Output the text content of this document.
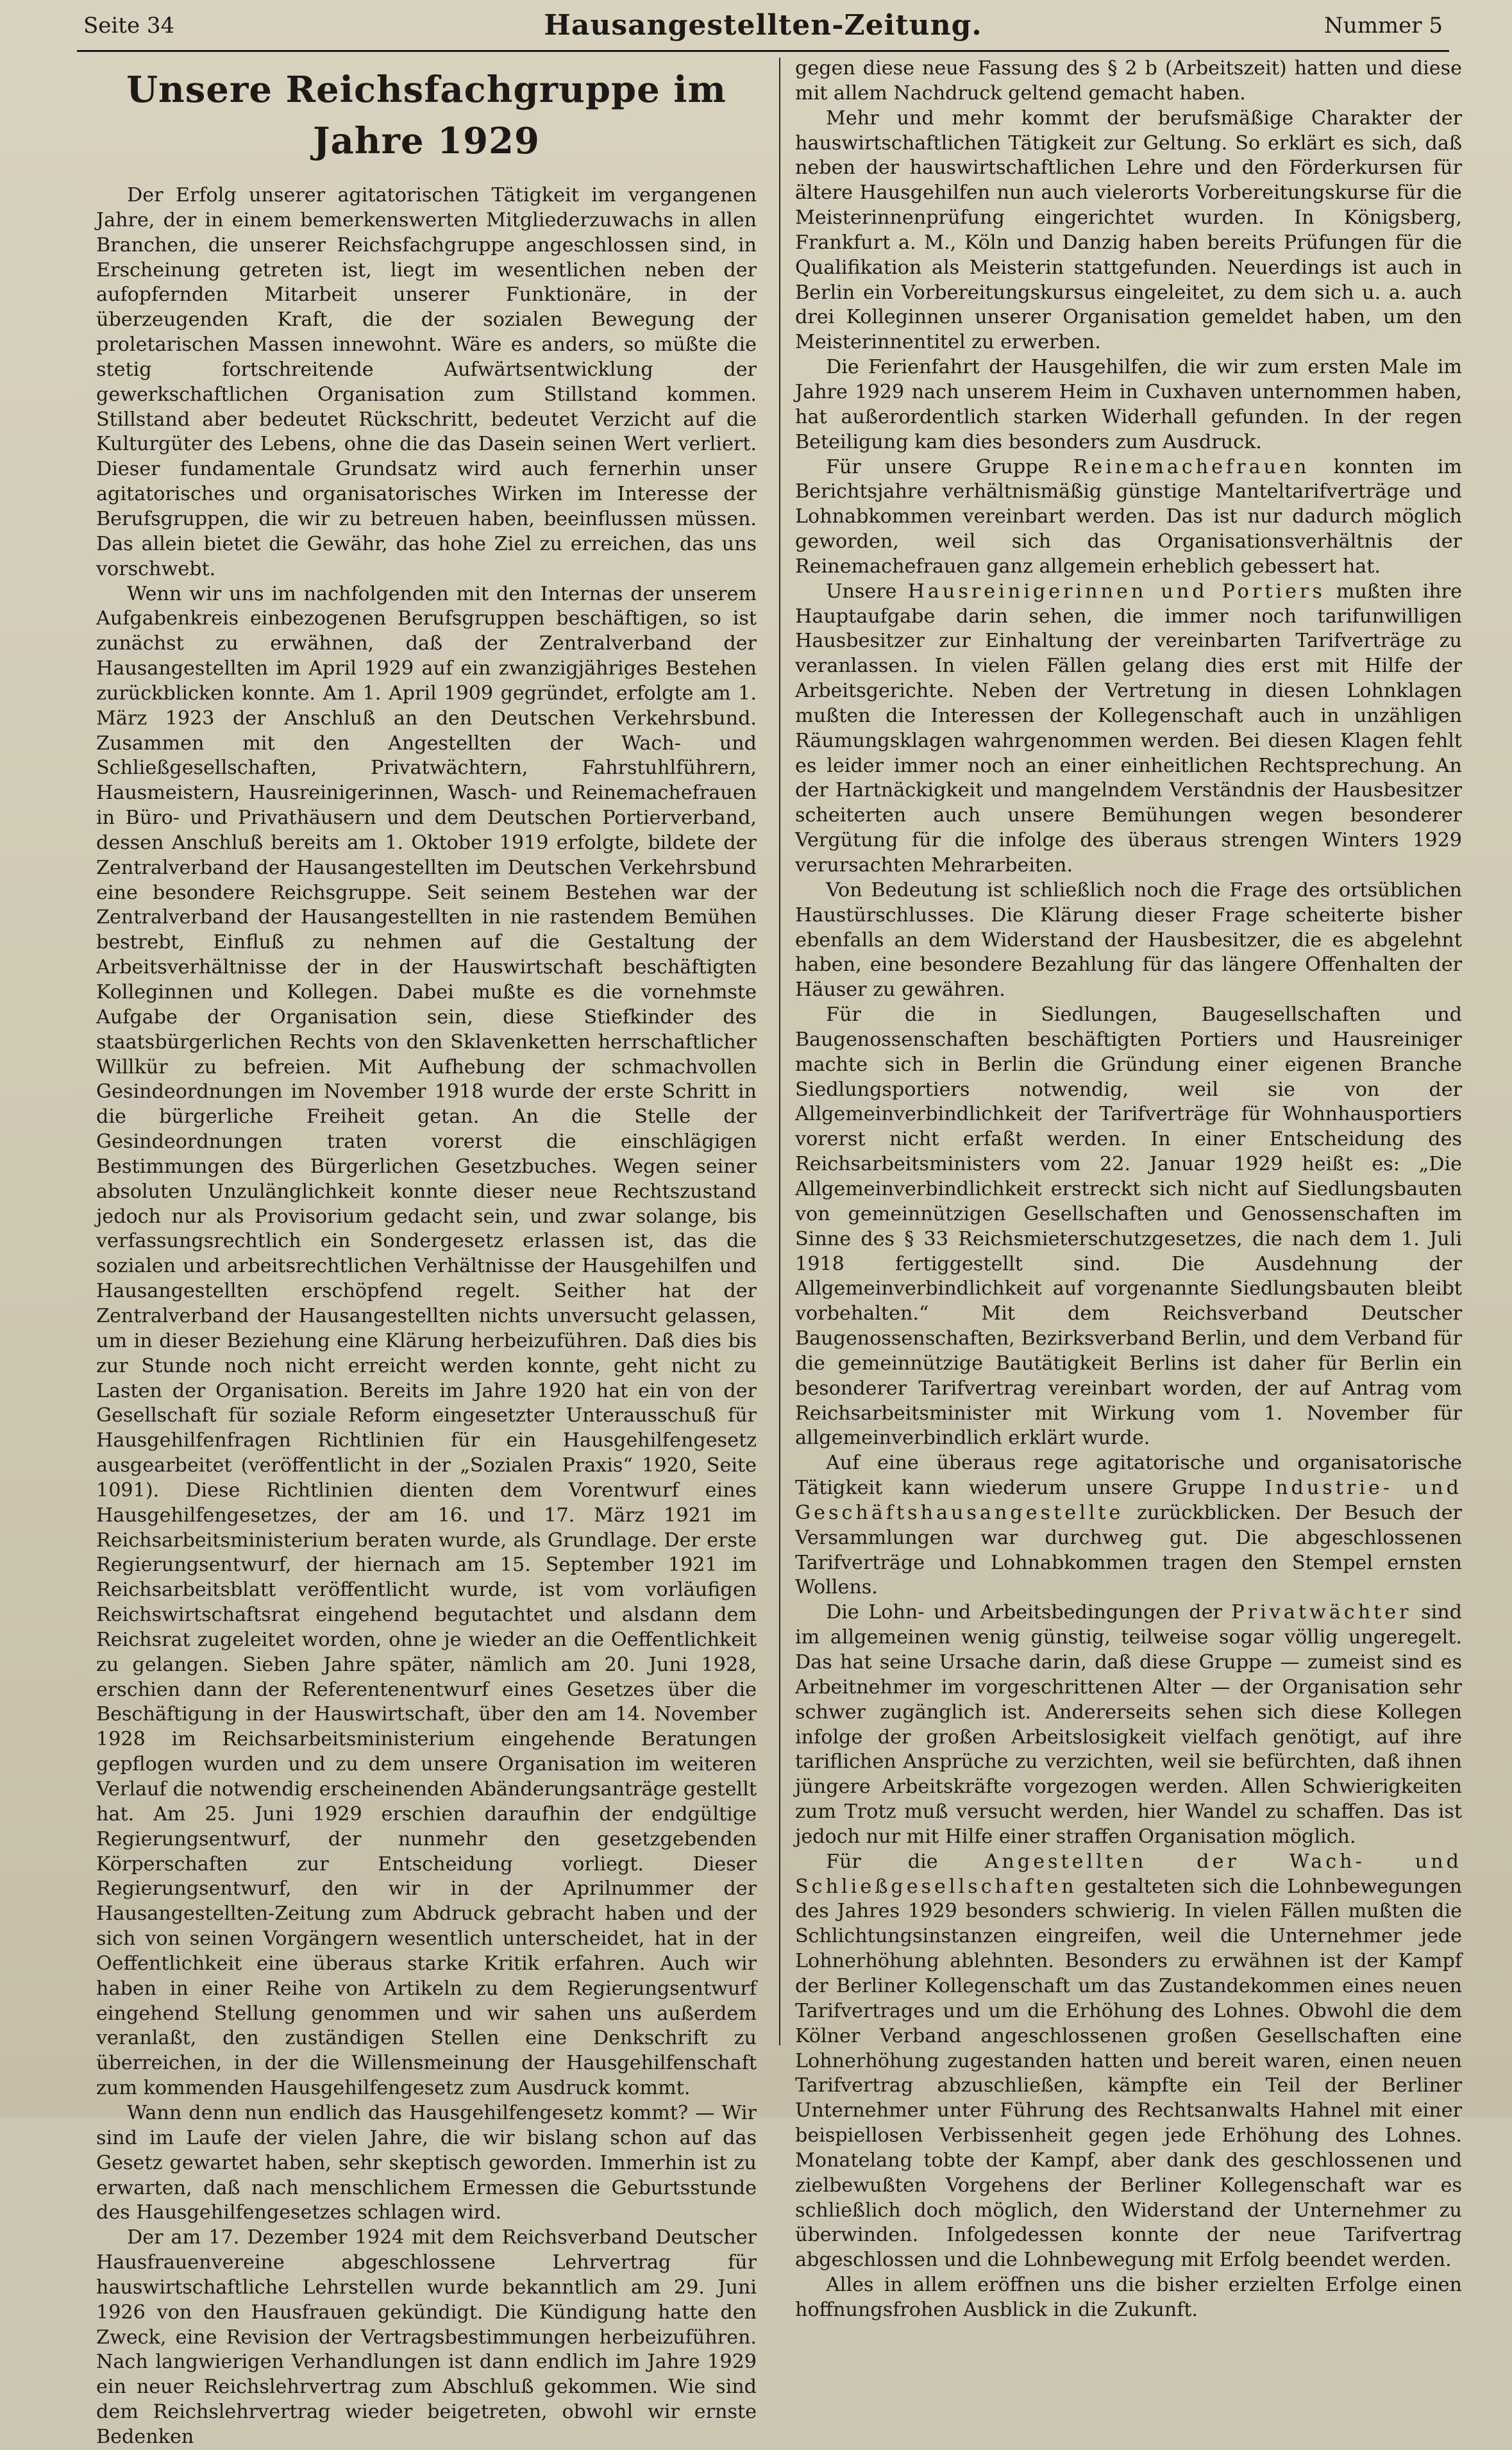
Seite 34	Hausangestellten-Zeitung.	Nummer 5
Unsere Reichsfachgruppe im Jahre 1929

Der Erfolg unserer agitatorischen Tätigkeit im vergangenen Jahre, der in einem bemerkenswerten Mitgliederzuwachs in allen Branchen, die unserer Reichsfachgruppe angeschlossen sind, in Erscheinung getreten ist, liegt im wesentlichen neben der aufopfernden Mitarbeit unserer Funktionäre, in der überzeugenden Kraft, die der sozialen Bewegung der proletarischen Massen innewohnt. Wäre es anders, so müßte die stetig fortschreitende Aufwärtsentwicklung der gewerkschaftlichen Organisation zum Stillstand kommen. Stillstand aber bedeutet Rückschritt, bedeutet Verzicht auf die Kulturgüter des Lebens, ohne die das Dasein seinen Wert verliert. Dieser fundamentale Grundsatz wird auch fernerhin unser agitatorisches und organisatorisches Wirken im Interesse der Berufsgruppen, die wir zu betreuen haben, beeinflussen müssen. Das allein bietet die Gewähr, das hohe Ziel zu erreichen, das uns vorschwebt.

Wenn wir uns im nachfolgenden mit den Internas der unserem Aufgabenkreis einbezogenen Berufsgruppen beschäftigen, so ist zunächst zu erwähnen, daß der Zentralverband der Hausangestellten im April 1929 auf ein zwanzigjähriges Bestehen zurückblicken konnte. Am 1. April 1909 gegründet, erfolgte am 1. März 1923 der Anschluß an den Deutschen Verkehrsbund. Zusammen mit den Angestellten der Wach- und Schließgesellschaften, Privatwächtern, Fahrstuhlführern, Hausmeistern, Hausreinigerinnen, Wasch- und Reinemachefrauen in Büro- und Privathäusern und dem Deutschen Portierverband, dessen Anschluß bereits am 1. Oktober 1919 erfolgte, bildete der Zentralverband der Hausangestellten im Deutschen Verkehrsbund eine besondere Reichsgruppe. Seit seinem Bestehen war der Zentralverband der Hausangestellten in nie rastendem Bemühen bestrebt, Einfluß zu nehmen auf die Gestaltung der Arbeitsverhältnisse der in der Hauswirtschaft beschäftigten Kolleginnen und Kollegen. Dabei mußte es die vornehmste Aufgabe der Organisation sein, diese Stiefkinder des staatsbürgerlichen Rechts von den Sklavenketten herrschaftlicher Willkür zu befreien. Mit Aufhebung der schmachvollen Gesindeordnungen im November 1918 wurde der erste Schritt in die bürgerliche Freiheit getan. An die Stelle der Gesindeordnungen traten vorerst die einschlägigen Bestimmungen des Bürgerlichen Gesetzbuches. Wegen seiner absoluten Unzulänglichkeit konnte dieser neue Rechtszustand jedoch nur als Provisorium gedacht sein, und zwar solange, bis verfassungsrechtlich ein Sondergesetz erlassen ist, das die sozialen und arbeitsrechtlichen Verhältnisse der Hausgehilfen und Hausangestellten erschöpfend regelt. Seither hat der Zentralverband der Hausangestellten nichts unversucht gelassen, um in dieser Beziehung eine Klärung herbeizuführen. Daß dies bis zur Stunde noch nicht erreicht werden konnte, geht nicht zu Lasten der Organisation. Bereits im Jahre 1920 hat ein von der Gesellschaft für soziale Reform eingesetzter Unterausschuß für Hausgehilfenfragen Richtlinien für ein Hausgehilfengesetz ausgearbeitet (veröffentlicht in der „Sozialen Praxis“ 1920, Seite 1091). Diese Richtlinien dienten dem Vorentwurf eines Hausgehilfengesetzes, der am 16. und 17. März 1921 im Reichsarbeitsministerium beraten wurde, als Grundlage. Der erste Regierungsentwurf, der hiernach am 15. September 1921 im Reichsarbeitsblatt veröffentlicht wurde, ist vom vorläufigen Reichswirtschaftsrat eingehend begutachtet und alsdann dem Reichsrat zugeleitet worden, ohne je wieder an die Oeffentlichkeit zu gelangen. Sieben Jahre später, nämlich am 20. Juni 1928, erschien dann der Referentenentwurf eines Gesetzes über die Beschäftigung in der Hauswirtschaft, über den am 14. November 1928 im Reichsarbeitsministerium eingehende Beratungen gepflogen wurden und zu dem unsere Organisation im weiteren Verlauf die notwendig erscheinenden Abänderungsanträge gestellt hat. Am 25. Juni 1929 erschien daraufhin der endgültige Regierungsentwurf, der nunmehr den gesetzgebenden Körperschaften zur Entscheidung vorliegt. Dieser Regierungsentwurf, den wir in der Aprilnummer der Hausangestellten-Zeitung zum Abdruck gebracht haben und der sich von seinen Vorgängern wesentlich unterscheidet, hat in der Oeffentlichkeit eine überaus starke Kritik erfahren. Auch wir haben in einer Reihe von Artikeln zu dem Regierungsentwurf eingehend Stellung genommen und wir sahen uns außerdem veranlaßt, den zuständigen Stellen eine Denkschrift zu überreichen, in der die Willensmeinung der Hausgehilfenschaft zum kommenden Hausgehilfengesetz zum Ausdruck kommt.

Wann denn nun endlich das Hausgehilfengesetz kommt? — Wir sind im Laufe der vielen Jahre, die wir bislang schon auf das Gesetz gewartet haben, sehr skeptisch geworden. Immerhin ist zu erwarten, daß nach menschlichem Ermessen die Geburtsstunde des Hausgehilfengesetzes schlagen wird.

Der am 17. Dezember 1924 mit dem Reichsverband Deutscher Hausfrauenvereine abgeschlossene Lehrvertrag für hauswirtschaftliche Lehrstellen wurde bekanntlich am 29. Juni 1926 von den Hausfrauen gekündigt. Die Kündigung hatte den Zweck, eine Revision der Vertragsbestimmungen herbeizuführen. Nach langwierigen Verhandlungen ist dann endlich im Jahre 1929 ein neuer Reichslehrvertrag zum Abschluß gekommen. Wie sind dem Reichslehrvertrag wieder beigetreten, obwohl wir ernste Bedenken

gegen diese neue Fassung des § 2 b (Arbeitszeit) hatten und diese mit allem Nachdruck geltend gemacht haben.

Mehr und mehr kommt der berufsmäßige Charakter der hauswirtschaftlichen Tätigkeit zur Geltung. So erklärt es sich, daß neben der hauswirtschaftlichen Lehre und den Förderkursen für ältere Hausgehilfen nun auch vielerorts Vorbereitungskurse für die Meisterinnenprüfung eingerichtet wurden. In Königsberg, Frankfurt a. M., Köln und Danzig haben bereits Prüfungen für die Qualifikation als Meisterin stattgefunden. Neuerdings ist auch in Berlin ein Vorbereitungskursus eingeleitet, zu dem sich u. a. auch drei Kolleginnen unserer Organisation gemeldet haben, um den Meisterinnentitel zu erwerben.

Die Ferienfahrt der Hausgehilfen, die wir zum ersten Male im Jahre 1929 nach unserem Heim in Cuxhaven unternommen haben, hat außerordentlich starken Widerhall gefunden. In der regen Beteiligung kam dies besonders zum Ausdruck.

Für unsere Gruppe Reinemachefrauen konnten im Berichtsjahre verhältnismäßig günstige Manteltarifverträge und Lohnabkommen vereinbart werden. Das ist nur dadurch möglich geworden, weil sich das Organisationsverhältnis der Reinemachefrauen ganz allgemein erheblich gebessert hat.

Unsere Hausreinigerinnen und Portiers mußten ihre Hauptaufgabe darin sehen, die immer noch tarifunwilligen Hausbesitzer zur Einhaltung der vereinbarten Tarifverträge zu veranlassen. In vielen Fällen gelang dies erst mit Hilfe der Arbeitsgerichte. Neben der Vertretung in diesen Lohnklagen mußten die Interessen der Kollegenschaft auch in unzähligen Räumungsklagen wahrgenommen werden. Bei diesen Klagen fehlt es leider immer noch an einer einheitlichen Rechtsprechung. An der Hartnäckigkeit und mangelndem Verständnis der Hausbesitzer scheiterten auch unsere Bemühungen wegen besonderer Vergütung für die infolge des überaus strengen Winters 1929 verursachten Mehrarbeiten.

Von Bedeutung ist schließlich noch die Frage des ortsüblichen Haustürschlusses. Die Klärung dieser Frage scheiterte bisher ebenfalls an dem Widerstand der Hausbesitzer, die es abgelehnt haben, eine besondere Bezahlung für das längere Offenhalten der Häuser zu gewähren.

Für die in Siedlungen, Baugesellschaften und Baugenossenschaften beschäftigten Portiers und Hausreiniger machte sich in Berlin die Gründung einer eigenen Branche Siedlungsportiers notwendig, weil sie von der Allgemeinverbindlichkeit der Tarifverträge für Wohnhausportiers vorerst nicht erfaßt werden. In einer Entscheidung des Reichsarbeitsministers vom 22. Januar 1929 heißt es: „Die Allgemeinverbindlichkeit erstreckt sich nicht auf Siedlungsbauten von gemeinnützigen Gesellschaften und Genossenschaften im Sinne des § 33 Reichsmieterschutzgesetzes, die nach dem 1. Juli 1918 fertiggestellt sind. Die Ausdehnung der Allgemeinverbindlichkeit auf vorgenannte Siedlungsbauten bleibt vorbehalten.“ Mit dem Reichsverband Deutscher Baugenossenschaften, Bezirksverband Berlin, und dem Verband für die gemeinnützige Bautätigkeit Berlins ist daher für Berlin ein besonderer Tarifvertrag vereinbart worden, der auf Antrag vom Reichsarbeitsminister mit Wirkung vom 1. November für allgemeinverbindlich erklärt wurde.

Auf eine überaus rege agitatorische und organisatorische Tätigkeit kann wiederum unsere Gruppe Industrie- und Geschäftshausangestellte zurückblicken. Der Besuch der Versammlungen war durchweg gut. Die abgeschlossenen Tarifverträge und Lohnabkommen tragen den Stempel ernsten Wollens.

Die Lohn- und Arbeitsbedingungen der Privatwächter sind im allgemeinen wenig günstig, teilweise sogar völlig ungeregelt. Das hat seine Ursache darin, daß diese Gruppe — zumeist sind es Arbeitnehmer im vorgeschrittenen Alter — der Organisation sehr schwer zugänglich ist. Andererseits sehen sich diese Kollegen infolge der großen Arbeitslosigkeit vielfach genötigt, auf ihre tariflichen Ansprüche zu verzichten, weil sie befürchten, daß ihnen jüngere Arbeitskräfte vorgezogen werden. Allen Schwierigkeiten zum Trotz muß versucht werden, hier Wandel zu schaffen. Das ist jedoch nur mit Hilfe einer straffen Organisation möglich.

Für die Angestellten der Wach- und Schließgesellschaften gestalteten sich die Lohnbewegungen des Jahres 1929 besonders schwierig. In vielen Fällen mußten die Schlichtungsinstanzen eingreifen, weil die Unternehmer jede Lohnerhöhung ablehnten. Besonders zu erwähnen ist der Kampf der Berliner Kollegenschaft um das Zustandekommen eines neuen Tarifvertrages und um die Erhöhung des Lohnes. Obwohl die dem Kölner Verband angeschlossenen großen Gesellschaften eine Lohnerhöhung zugestanden hatten und bereit waren, einen neuen Tarifvertrag abzuschließen, kämpfte ein Teil der Berliner Unternehmer unter Führung des Rechtsanwalts Hahnel mit einer beispiellosen Verbissenheit gegen jede Erhöhung des Lohnes. Monatelang tobte der Kampf, aber dank des geschlossenen und zielbewußten Vorgehens der Berliner Kollegenschaft war es schließlich doch möglich, den Widerstand der Unternehmer zu überwinden. Infolgedessen konnte der neue Tarifvertrag abgeschlossen und die Lohnbewegung mit Erfolg beendet werden.

Alles in allem eröffnen uns die bisher erzielten Erfolge einen hoffnungsfrohen Ausblick in die Zukunft.
